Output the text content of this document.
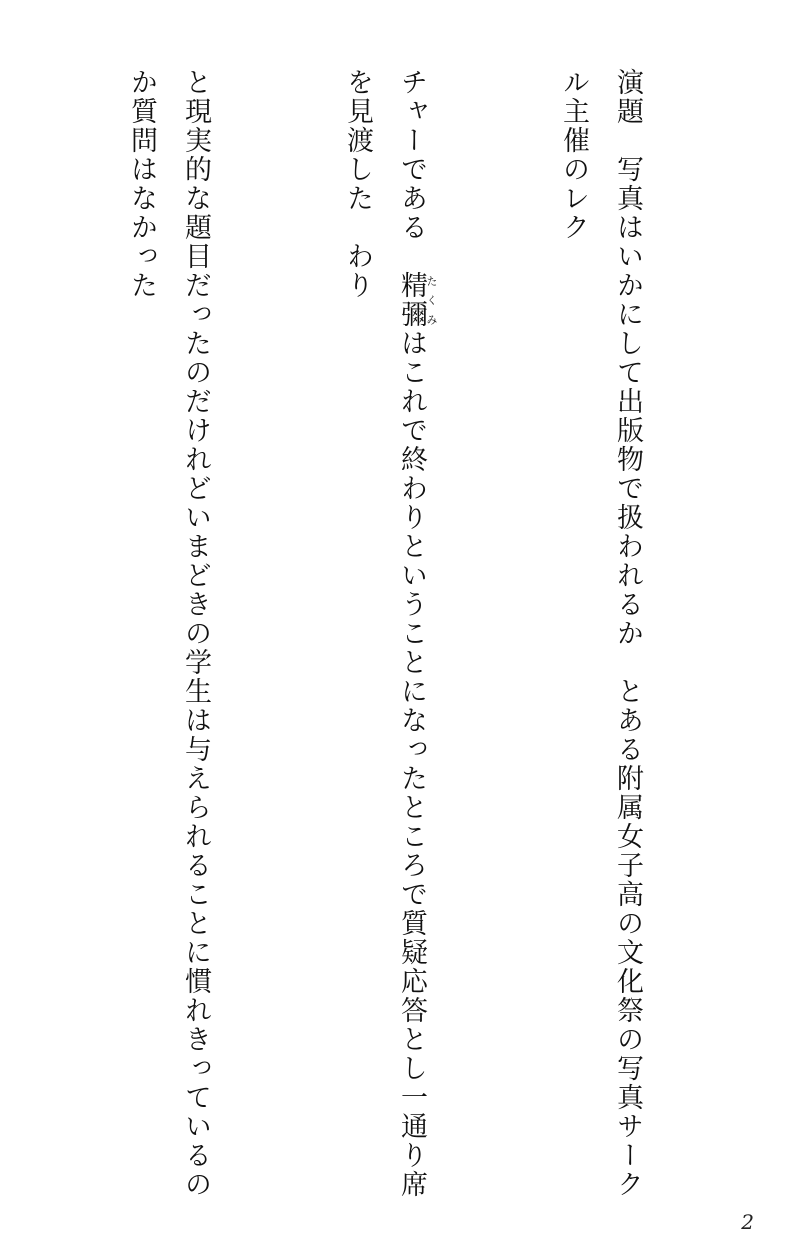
演題　写真はいかにして出版物で扱われるか　とある附属女子高の文化祭の写真サークル主催のレク

チャーである　精彌たくみはこれで終わりということになったところで質疑応答とし一通り席を見渡した　わり

と現実的な題目だったのだけれどいまどきの学生は与えられることに慣れきっているのか質問はなかった

2
